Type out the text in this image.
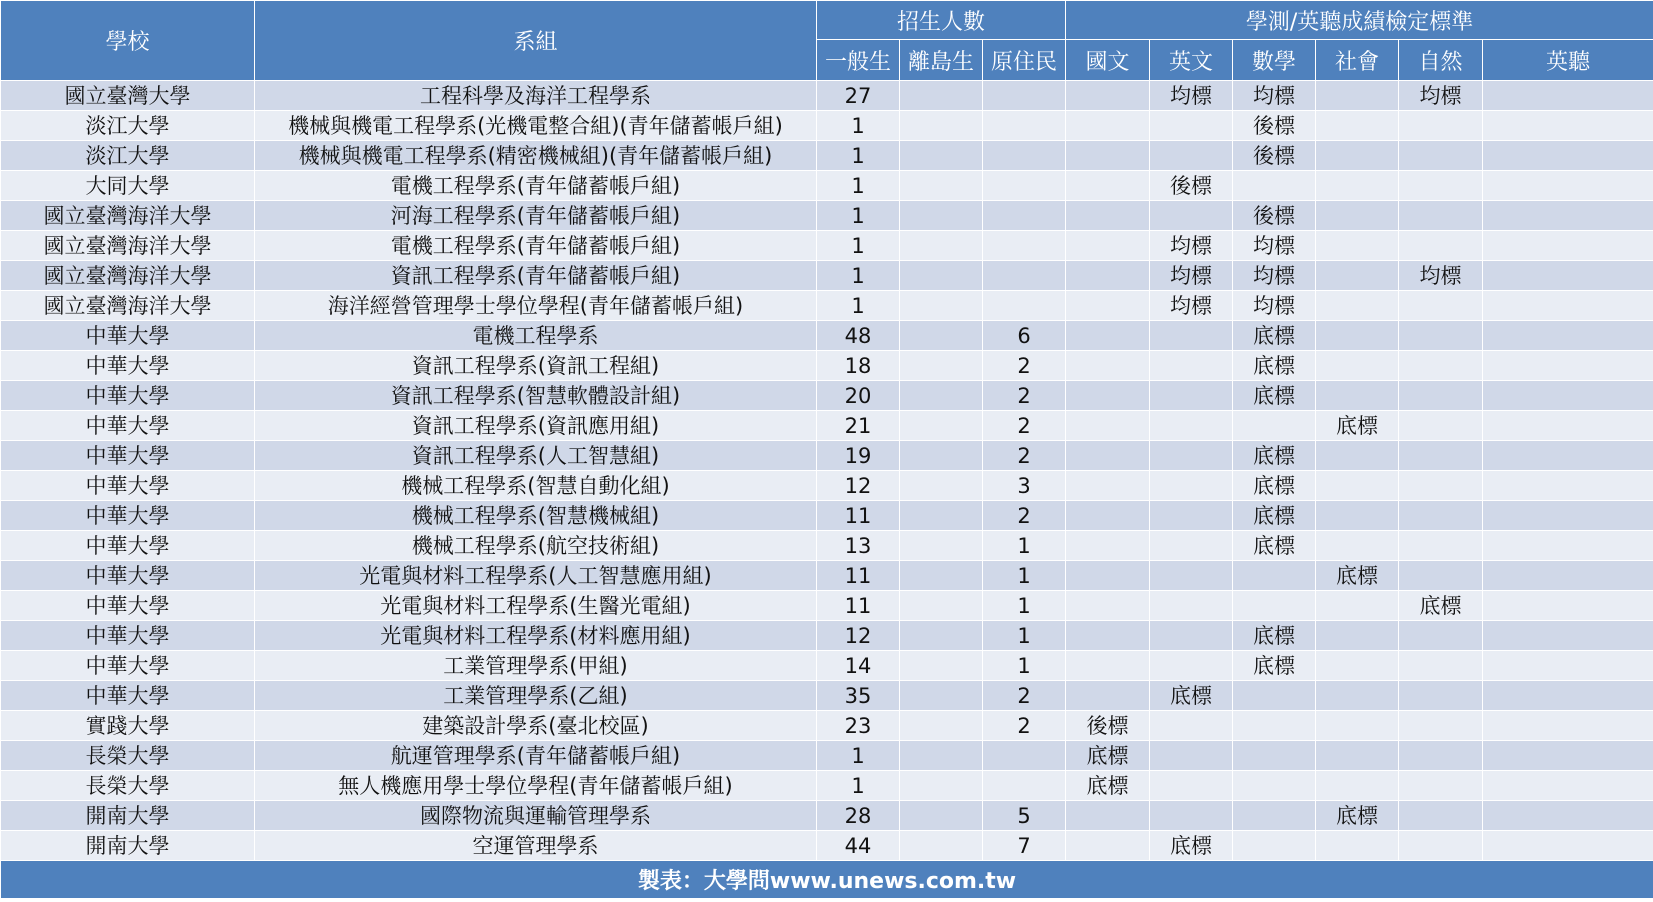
學校	系組	招生人數			學測/英聽成績檢定標準					
		一般生	離島生	原住民	國文	英文	數學	社會	自然	英聽
國立臺灣大學	工程科學及海洋工程學系	27				均標	均標		均標	
淡江大學	機械與機電工程學系(光機電整合組)(青年儲蓄帳戶組)	1					後標			
淡江大學	機械與機電工程學系(精密機械組)(青年儲蓄帳戶組)	1					後標			
大同大學	電機工程學系(青年儲蓄帳戶組)	1				後標				
國立臺灣海洋大學	河海工程學系(青年儲蓄帳戶組)	1					後標			
國立臺灣海洋大學	電機工程學系(青年儲蓄帳戶組)	1				均標	均標			
國立臺灣海洋大學	資訊工程學系(青年儲蓄帳戶組)	1				均標	均標		均標	
國立臺灣海洋大學	海洋經營管理學士學位學程(青年儲蓄帳戶組)	1				均標	均標			
中華大學	電機工程學系	48		6			底標			
中華大學	資訊工程學系(資訊工程組)	18		2			底標			
中華大學	資訊工程學系(智慧軟體設計組)	20		2			底標			
中華大學	資訊工程學系(資訊應用組)	21		2				底標		
中華大學	資訊工程學系(人工智慧組)	19		2			底標			
中華大學	機械工程學系(智慧自動化組)	12		3			底標			
中華大學	機械工程學系(智慧機械組)	11		2			底標			
中華大學	機械工程學系(航空技術組)	13		1			底標			
中華大學	光電與材料工程學系(人工智慧應用組)	11		1				底標		
中華大學	光電與材料工程學系(生醫光電組)	11		1					底標	
中華大學	光電與材料工程學系(材料應用組)	12		1			底標			
中華大學	工業管理學系(甲組)	14		1			底標			
中華大學	工業管理學系(乙組)	35		2		底標				
實踐大學	建築設計學系(臺北校區)	23		2	後標					
長榮大學	航運管理學系(青年儲蓄帳戶組)	1			底標					
長榮大學	無人機應用學士學位學程(青年儲蓄帳戶組)	1			底標					
開南大學	國際物流與運輸管理學系	28		5				底標		
開南大學	空運管理學系	44		7		底標				
製表：大學問www.unews.com.tw										
